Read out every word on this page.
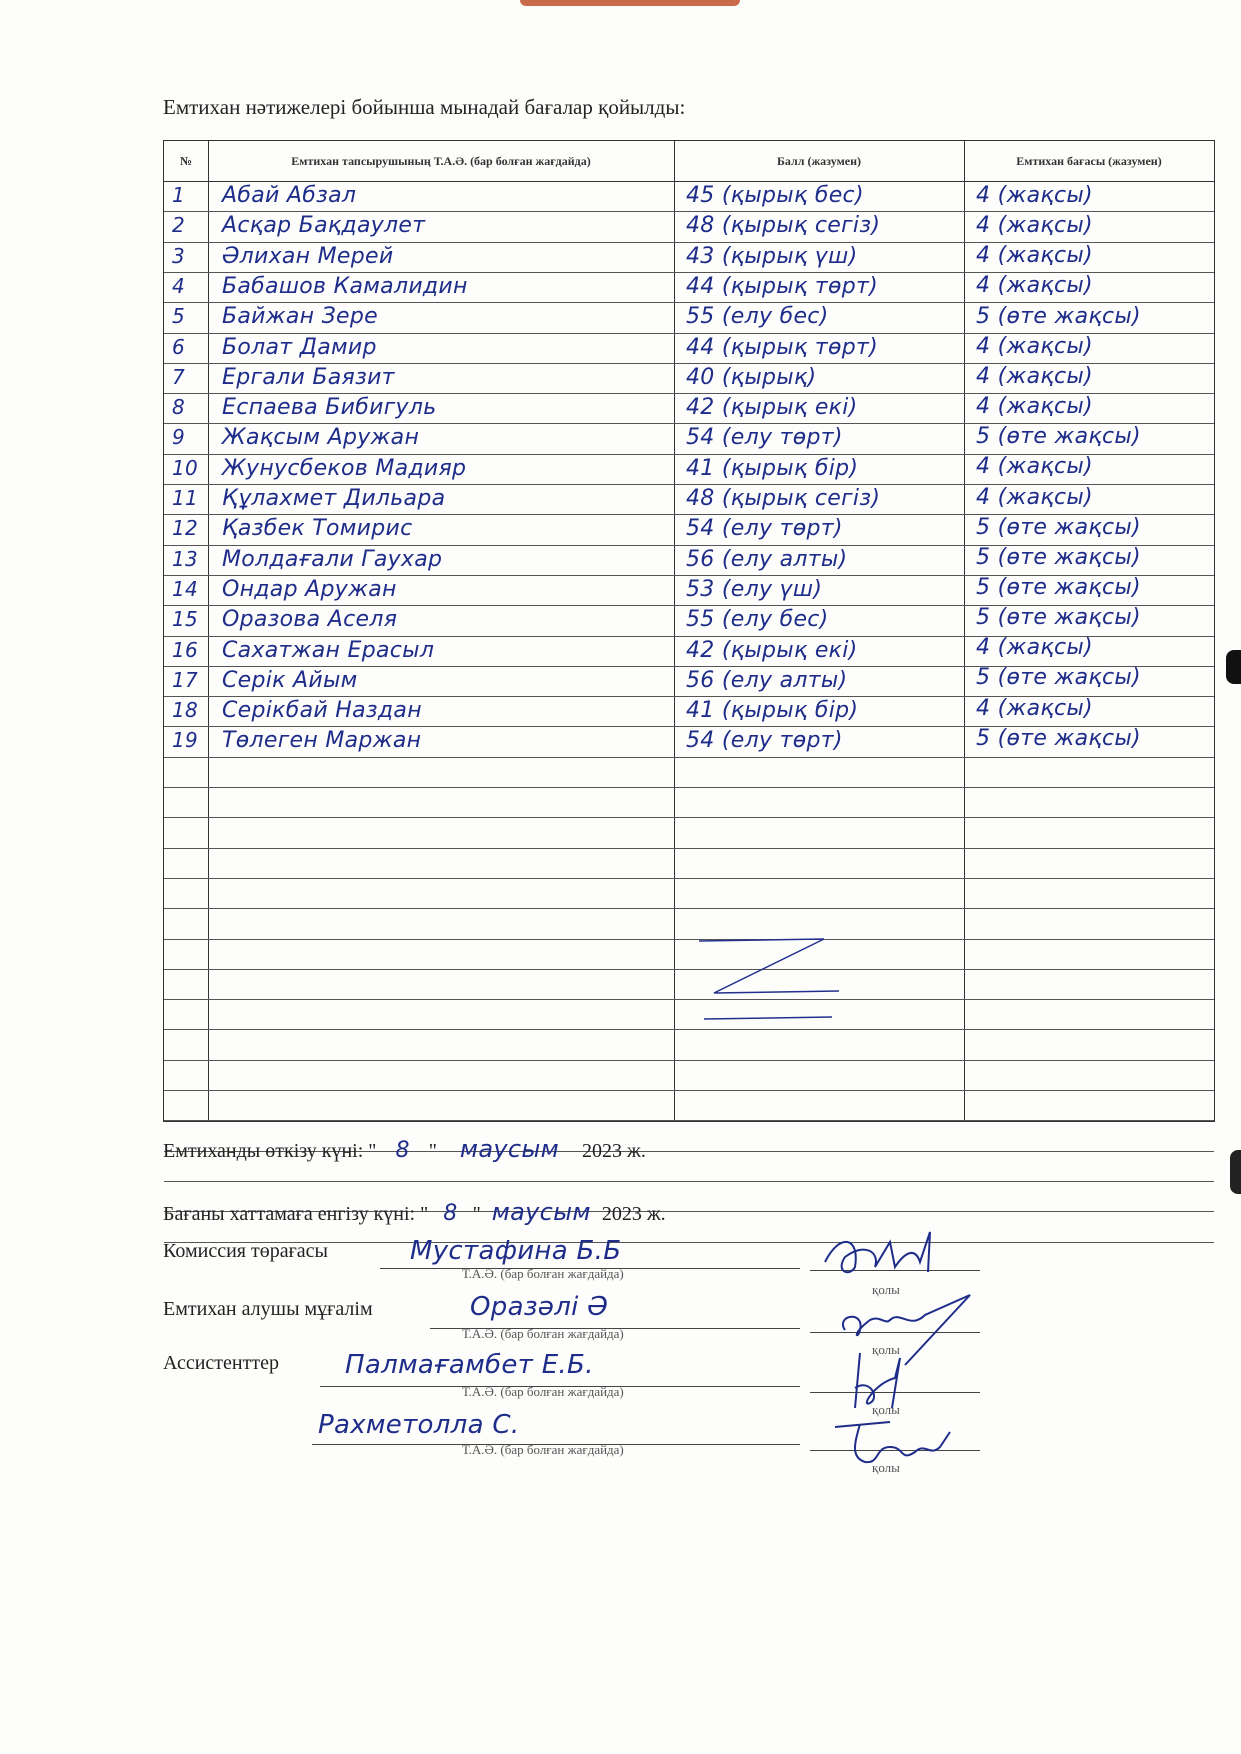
Емтихан нәтижелері бойынша мынадай бағалар қойылды:
№	Емтихан тапсырушының Т.А.Ә. (бар болған жағдайда)	Балл (жазумен)	Емтихан бағасы (жазумен)
1 Абай Абзал	45 (қырық бес)	4 (жақсы)
2 Асқар Бақдаулет	48 (қырық сегіз)	4 (жақсы)
3 Әлихан Мерей	43 (қырық үш)	4 (жақсы)
4 Бабашов Камалидин	44 (қырық төрт)	4 (жақсы)
5 Байжан Зере	55 (елу бес)	5 (өте жақсы)
6 Болат Дамир	44 (қырық төрт)	4 (жақсы)
7 Ергали Баязит	40 (қырық)	4 (жақсы)
8 Еспаева Бибигуль	42 (қырық екі)	4 (жақсы)
9 Жақсым Аружан	54 (елу төрт)	5 (өте жақсы)
10 Жунусбеков Мадияр	41 (қырық бір)	4 (жақсы)
11 Құлахмет Дильара	48 (қырық сегіз)	4 (жақсы)
12 Қазбек Томирис	54 (елу төрт)	5 (өте жақсы)
13 Молдағали Гаухар	56 (елу алты)	5 (өте жақсы)
14 Ондар Аружан	53 (елу үш)	5 (өте жақсы)
15 Оразова Аселя	55 (елу бес)	5 (өте жақсы)
16 Сахатжан Ерасыл	42 (қырық екі)	4 (жақсы)
17 Серік Айым	56 (елу алты)	5 (өте жақсы)
18 Серікбай Наздан	41 (қырық бір)	4 (жақсы)
19 Төлеген Маржан	54 (елу төрт)	5 (өте жақсы)
Емтиханды өткізу күні: " 8 " маусым 2023 ж.
Бағаны хаттамаға енгізу күні: " 8 " маусым 2023 ж.
Комиссия төрағасы	Мустафина Б.Б
Т.А.Ә. (бар болған жағдайда)
қолы
Емтихан алушы мұғалім	Оразәлі Ә
Т.А.Ә. (бар болған жағдайда)
қолы
Ассистенттер	Палмағамбет Е.Б.
Т.А.Ә. (бар болған жағдайда)
қолы
Рахметолла С.
Т.А.Ә. (бар болған жағдайда)
қолы
